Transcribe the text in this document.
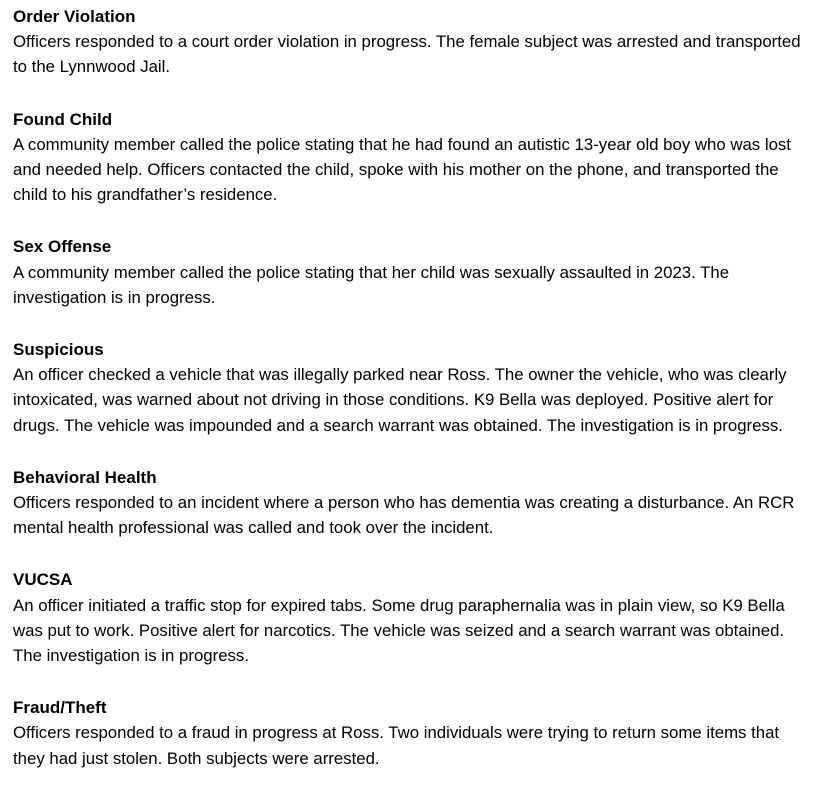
Order Violation

Officers responded to a court order violation in progress. The female subject was arrested and transported to the Lynnwood Jail.

Found Child

A community member called the police stating that he had found an autistic 13-year old boy who was lost and needed help. Officers contacted the child, spoke with his mother on the phone, and transported the child to his grandfather’s residence.

Sex Offense

A community member called the police stating that her child was sexually assaulted in 2023. The investigation is in progress.

Suspicious

An officer checked a vehicle that was illegally parked near Ross. The owner the vehicle, who was clearly intoxicated, was warned about not driving in those conditions. K9 Bella was deployed. Positive alert for drugs. The vehicle was impounded and a search warrant was obtained. The investigation is in progress.

Behavioral Health

Officers responded to an incident where a person who has dementia was creating a disturbance. An RCR mental health professional was called and took over the incident.

VUCSA

An officer initiated a traffic stop for expired tabs. Some drug paraphernalia was in plain view, so K9 Bella was put to work. Positive alert for narcotics. The vehicle was seized and a search warrant was obtained. The investigation is in progress.

Fraud/Theft

Officers responded to a fraud in progress at Ross. Two individuals were trying to return some items that they had just stolen. Both subjects were arrested.
